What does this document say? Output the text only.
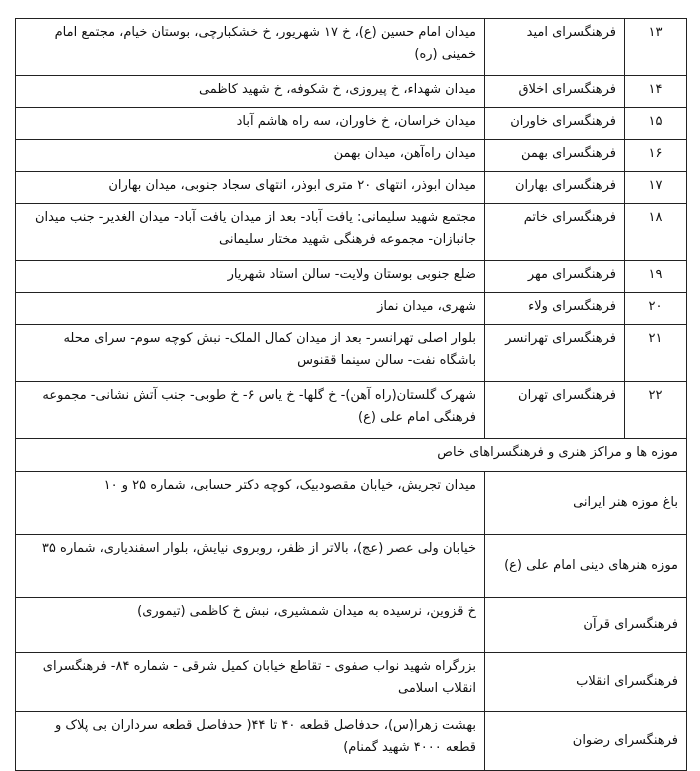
۱۳	فرهنگسرای امید	میدان امام حسین (ع)، خ ۱۷ شهریور، خ خشکبارچی، بوستان خیام، مجتمع امام خمینی (ره)
۱۴	فرهنگسرای اخلاق	میدان شهداء، خ پیروزی، خ شکوفه، خ شهید کاظمی
۱۵	فرهنگسرای خاوران	میدان خراسان، خ خاوران، سه راه هاشم آباد
۱۶	فرهنگسرای بهمن	میدان راه‌آهن، میدان بهمن
۱۷	فرهنگسرای بهاران	میدان ابوذر، انتهای ۲۰ متری ابوذر، انتهای سجاد جنوبی، میدان بهاران
۱۸	فرهنگسرای خاتم	مجتمع شهید سلیمانی: یافت آباد- بعد از میدان یافت آباد- میدان الغدیر- جنب میدان جانبازان- مجموعه فرهنگی شهید مختار سلیمانی
۱۹	فرهنگسرای مهر	ضلع جنوبی بوستان ولایت- سالن استاد شهریار
۲۰	فرهنگسرای ولاء	شهری، میدان نماز
۲۱	فرهنگسرای تهرانسر	بلوار اصلی تهرانسر- بعد از میدان کمال الملک- نبش کوچه سوم- سرای محله باشگاه نفت- سالن سینما ققنوس
۲۲	فرهنگسرای تهران	شهرک گلستان(راه آهن)- خ گلها- خ یاس ۶- خ طوبی- جنب آتش نشانی- مجموعه فرهنگی امام علی (ع)
موزه ها و مراکز هنری و فرهنگسراهای خاص		
باغ موزه هنر ایرانی		میدان تجریش، خیابان مقصودبیک، کوچه دکتر حسابی، شماره ۲۵ و ۱۰
موزه هنرهای دینی امام علی (ع)		خیابان ولی عصر (عج)، بالاتر از ظفر، روبروی نیایش، بلوار اسفندیاری، شماره ۳۵
فرهنگسرای قرآن		خ قزوین، نرسیده به میدان شمشیری، نبش خ کاظمی (تیموری)
فرهنگسرای انقلاب		بزرگراه شهید نواب صفوی - تقاطع خیابان کمیل شرقی - شماره ۸۴- فرهنگسرای انقلاب اسلامی
فرهنگسرای رضوان		بهشت زهرا(س)، حدفاصل قطعه ۴۰ تا ۴۴( حدفاصل قطعه سرداران بی پلاک و قطعه ۴۰۰۰ شهید گمنام)
